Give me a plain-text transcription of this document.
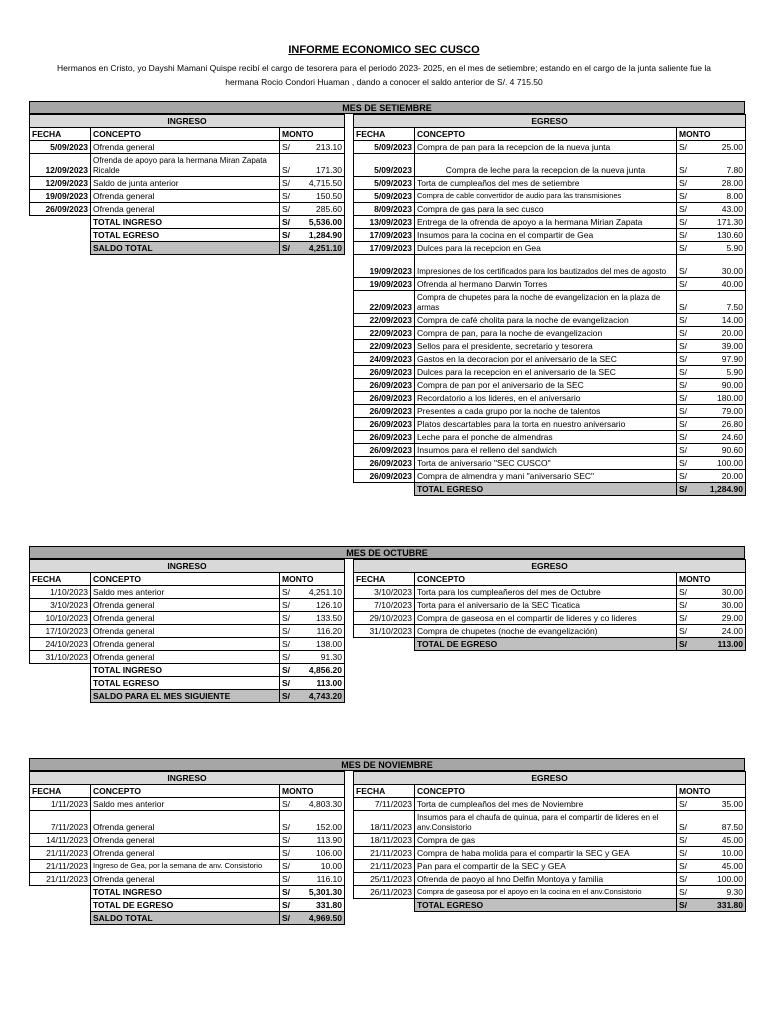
INFORME ECONOMICO SEC CUSCO
Hermanos en Cristo, yo Dayshi Mamani Quispe recibí el cargo de tesorera para el periodo 2023- 2025, en el mes de setiembre; estando en el cargo de la junta saliente fue la
hermana Rocio Condori Huaman , dando a conocer el saldo anterior de S/. 4 715.50
MES DE SETIEMBRE
INGRESO			
FECHA	CONCEPTO	MONTO	
5/09/2023	Ofrenda general	S/	213.10
12/09/2023	Ofrenda de apoyo para la hermana Miran Zapata Ricalde	S/	171.30
12/09/2023	Saldo de junta anterior	S/	4,715.50
19/09/2023	Ofrenda general	S/	150.50
26/09/2023	Ofrenda general	S/	285.60
	TOTAL INGRESO	S/	5,536.00
	TOTAL EGRESO	S/	1,284.90
	SALDO TOTAL	S/	4,251.10
EGRESO			
FECHA	CONCEPTO	MONTO	
5/09/2023	Compra de pan para la recepcion de la nueva junta	S/	25.00
5/09/2023	Compra de leche para la recepcion de la nueva junta	S/	7.80
5/09/2023	Torta de cumpleaños del mes de setiembre	S/	28.00
5/09/2023	Compra de cable convertidor de audio para las transmisiones	S/	8.00
8/09/2023	Compra de gas para la sec cusco	S/	43.00
13/09/2023	Entrega de la ofrenda de apoyo a la hermana Mirian Zapata	S/	171.30
17/09/2023	Insumos para la cocina en el compartir de Gea	S/	130.60
17/09/2023	Dulces para la recepcion en Gea	S/	5.90
19/09/2023	Impresiones de los certificados para los bautizados del mes de agosto	S/	30.00
19/09/2023	Ofrenda al hermano Darwin Torres	S/	40.00
22/09/2023	Compra de chupetes para la noche de evangelizacion en la plaza de armas	S/	7.50
22/09/2023	Compra de café cholita para la noche de evangelizacion	S/	14.00
22/09/2023	Compra de pan, para la noche de evangelizacion	S/	20.00
22/09/2023	Sellos para el presidente, secretario y tesorera	S/	39.00
24/09/2023	Gastos en la decoracion por el aniversario de la SEC	S/	97.90
26/09/2023	Dulces para la recepcion en el aniversario de la SEC	S/	5.90
26/09/2023	Compra de pan por el aniversario de la SEC	S/	90.00
26/09/2023	Recordatorio a los lideres, en el aniversario	S/	180.00
26/09/2023	Presentes a cada grupo por la noche de talentos	S/	79.00
26/09/2023	Platos descartables para la torta en nuestro aniversario	S/	26.80
26/09/2023	Leche para el ponche de almendras	S/	24.60
26/09/2023	Insumos para el relleno del sandwich	S/	90.60
26/09/2023	Torta de aniversario "SEC CUSCO"	S/	100.00
26/09/2023	Compra de almendra y mani "aniversario SEC"	S/	20.00
	TOTAL EGRESO	S/	1,284.90
MES DE OCTUBRE
INGRESO			
FECHA	CONCEPTO	MONTO	
1/10/2023	Saldo mes anterior	S/	4,251.10
3/10/2023	Ofrenda general	S/	126.10
10/10/2023	Ofrenda general	S/	133.50
17/10/2023	Ofrenda general	S/	116.20
24/10/2023	Ofrenda general	S/	138.00
31/10/2023	Ofrenda general	S/	91.30
	TOTAL INGRESO	S/	4,856.20
	TOTAL EGRESO	S/	113.00
	SALDO PARA EL MES SIGUIENTE	S/	4,743.20
EGRESO			
FECHA	CONCEPTO	MONTO	
3/10/2023	Torta para los cumpleañeros del mes de Octubre	S/	30.00
7/10/2023	Torta para el aniversario de la SEC Ticatica	S/	30.00
29/10/2023	Compra de gaseosa en el compartir de lideres y co lideres	S/	29.00
31/10/2023	Compra de chupetes (noche de evangelización)	S/	24.00
	TOTAL DE EGRESO	S/	113.00
MES DE NOVIEMBRE
INGRESO			
FECHA	CONCEPTO	MONTO	
1/11/2023	Saldo mes anterior	S/	4,803.30
7/11/2023	Ofrenda general	S/	152.00
14/11/2023	Ofrenda general	S/	113.90
21/11/2023	Ofrenda general	S/	106.00
21/11/2023	Ingreso de Gea, por la semana de anv. Consistorio	S/	10.00
21/11/2023	Ofrenda general	S/	116.10
	TOTAL INGRESO	S/	5,301.30
	TOTAL DE EGRESO	S/	331.80
	SALDO TOTAL	S/	4,969.50
EGRESO			
FECHA	CONCEPTO	MONTO	
7/11/2023	Torta de cumpleaños del mes de Noviembre	S/	35.00
18/11/2023	Insumos para el chaufa de quinua, para el compartir de lideres en el anv.Consistorio	S/	87.50
18/11/2023	Compra de gas	S/	45.00
21/11/2023	Compra de haba molida para el compartir la SEC y GEA	S/	10.00
21/11/2023	Pan para el compartir de la SEC y GEA	S/	45.00
25/11/2023	Ofrenda de paoyo al hno Delfin Montoya y familia	S/	100.00
26/11/2023	Compra de gaseosa por el apoyo en la cocina en el anv.Consistorio	S/	9.30
	TOTAL EGRESO	S/	331.80
